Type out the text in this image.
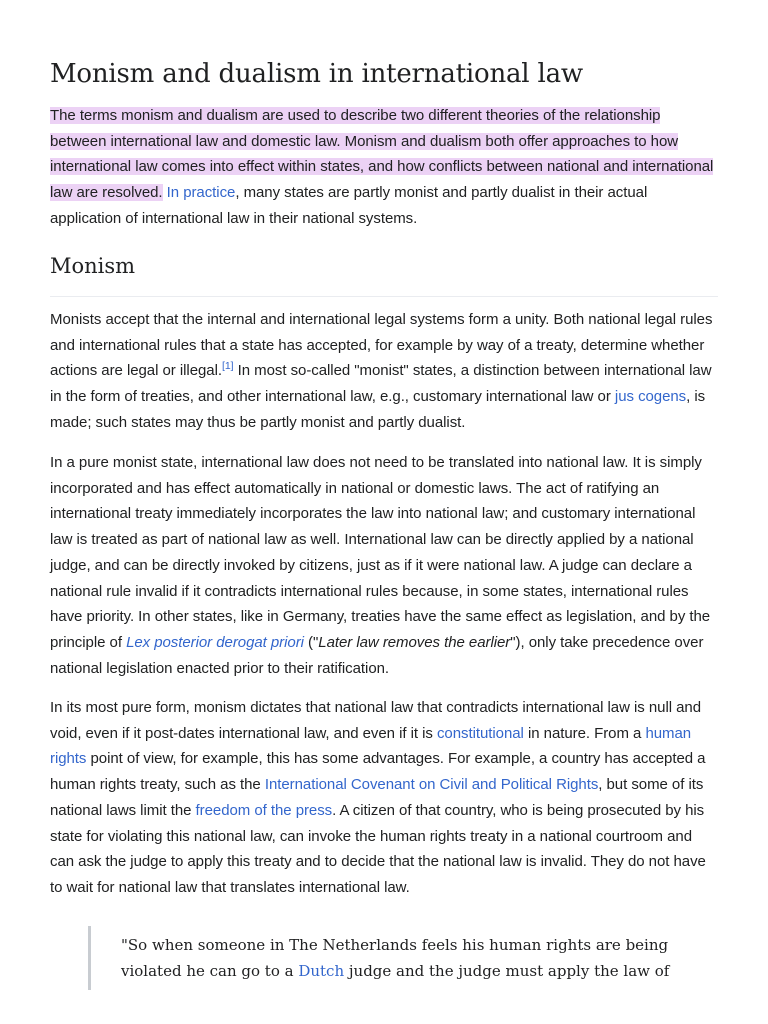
Monism and dualism in international law

The terms monism and dualism are used to describe two different theories of the relationship between international law and domestic law. Monism and dualism both offer approaches to how international law comes into effect within states, and how conflicts between national and international law are resolved. In practice, many states are partly monist and partly dualist in their actual application of international law in their national systems.

Monism

Monists accept that the internal and international legal systems form a unity. Both national legal rules and international rules that a state has accepted, for example by way of a treaty, determine whether actions are legal or illegal.[1] In most so-called "monist" states, a distinction between international law in the form of treaties, and other international law, e.g., customary international law or jus cogens, is made; such states may thus be partly monist and partly dualist.

In a pure monist state, international law does not need to be translated into national law. It is simply incorporated and has effect automatically in national or domestic laws. The act of ratifying an international treaty immediately incorporates the law into national law; and customary international law is treated as part of national law as well. International law can be directly applied by a national judge, and can be directly invoked by citizens, just as if it were national law. A judge can declare a national rule invalid if it contradicts international rules because, in some states, international rules have priority. In other states, like in Germany, treaties have the same effect as legislation, and by the principle of Lex posterior derogat priori ("Later law removes the earlier"), only take precedence over national legislation enacted prior to their ratification.

In its most pure form, monism dictates that national law that contradicts international law is null and void, even if it post-dates international law, and even if it is constitutional in nature. From a human rights point of view, for example, this has some advantages. For example, a country has accepted a human rights treaty, such as the International Covenant on Civil and Political Rights, but some of its national laws limit the freedom of the press. A citizen of that country, who is being prosecuted by his state for violating this national law, can invoke the human rights treaty in a national courtroom and can ask the judge to apply this treaty and to decide that the national law is invalid. They do not have to wait for national law that translates international law.

"So when someone in The Netherlands feels his human rights are being violated he can go to a Dutch judge and the judge must apply the law of
